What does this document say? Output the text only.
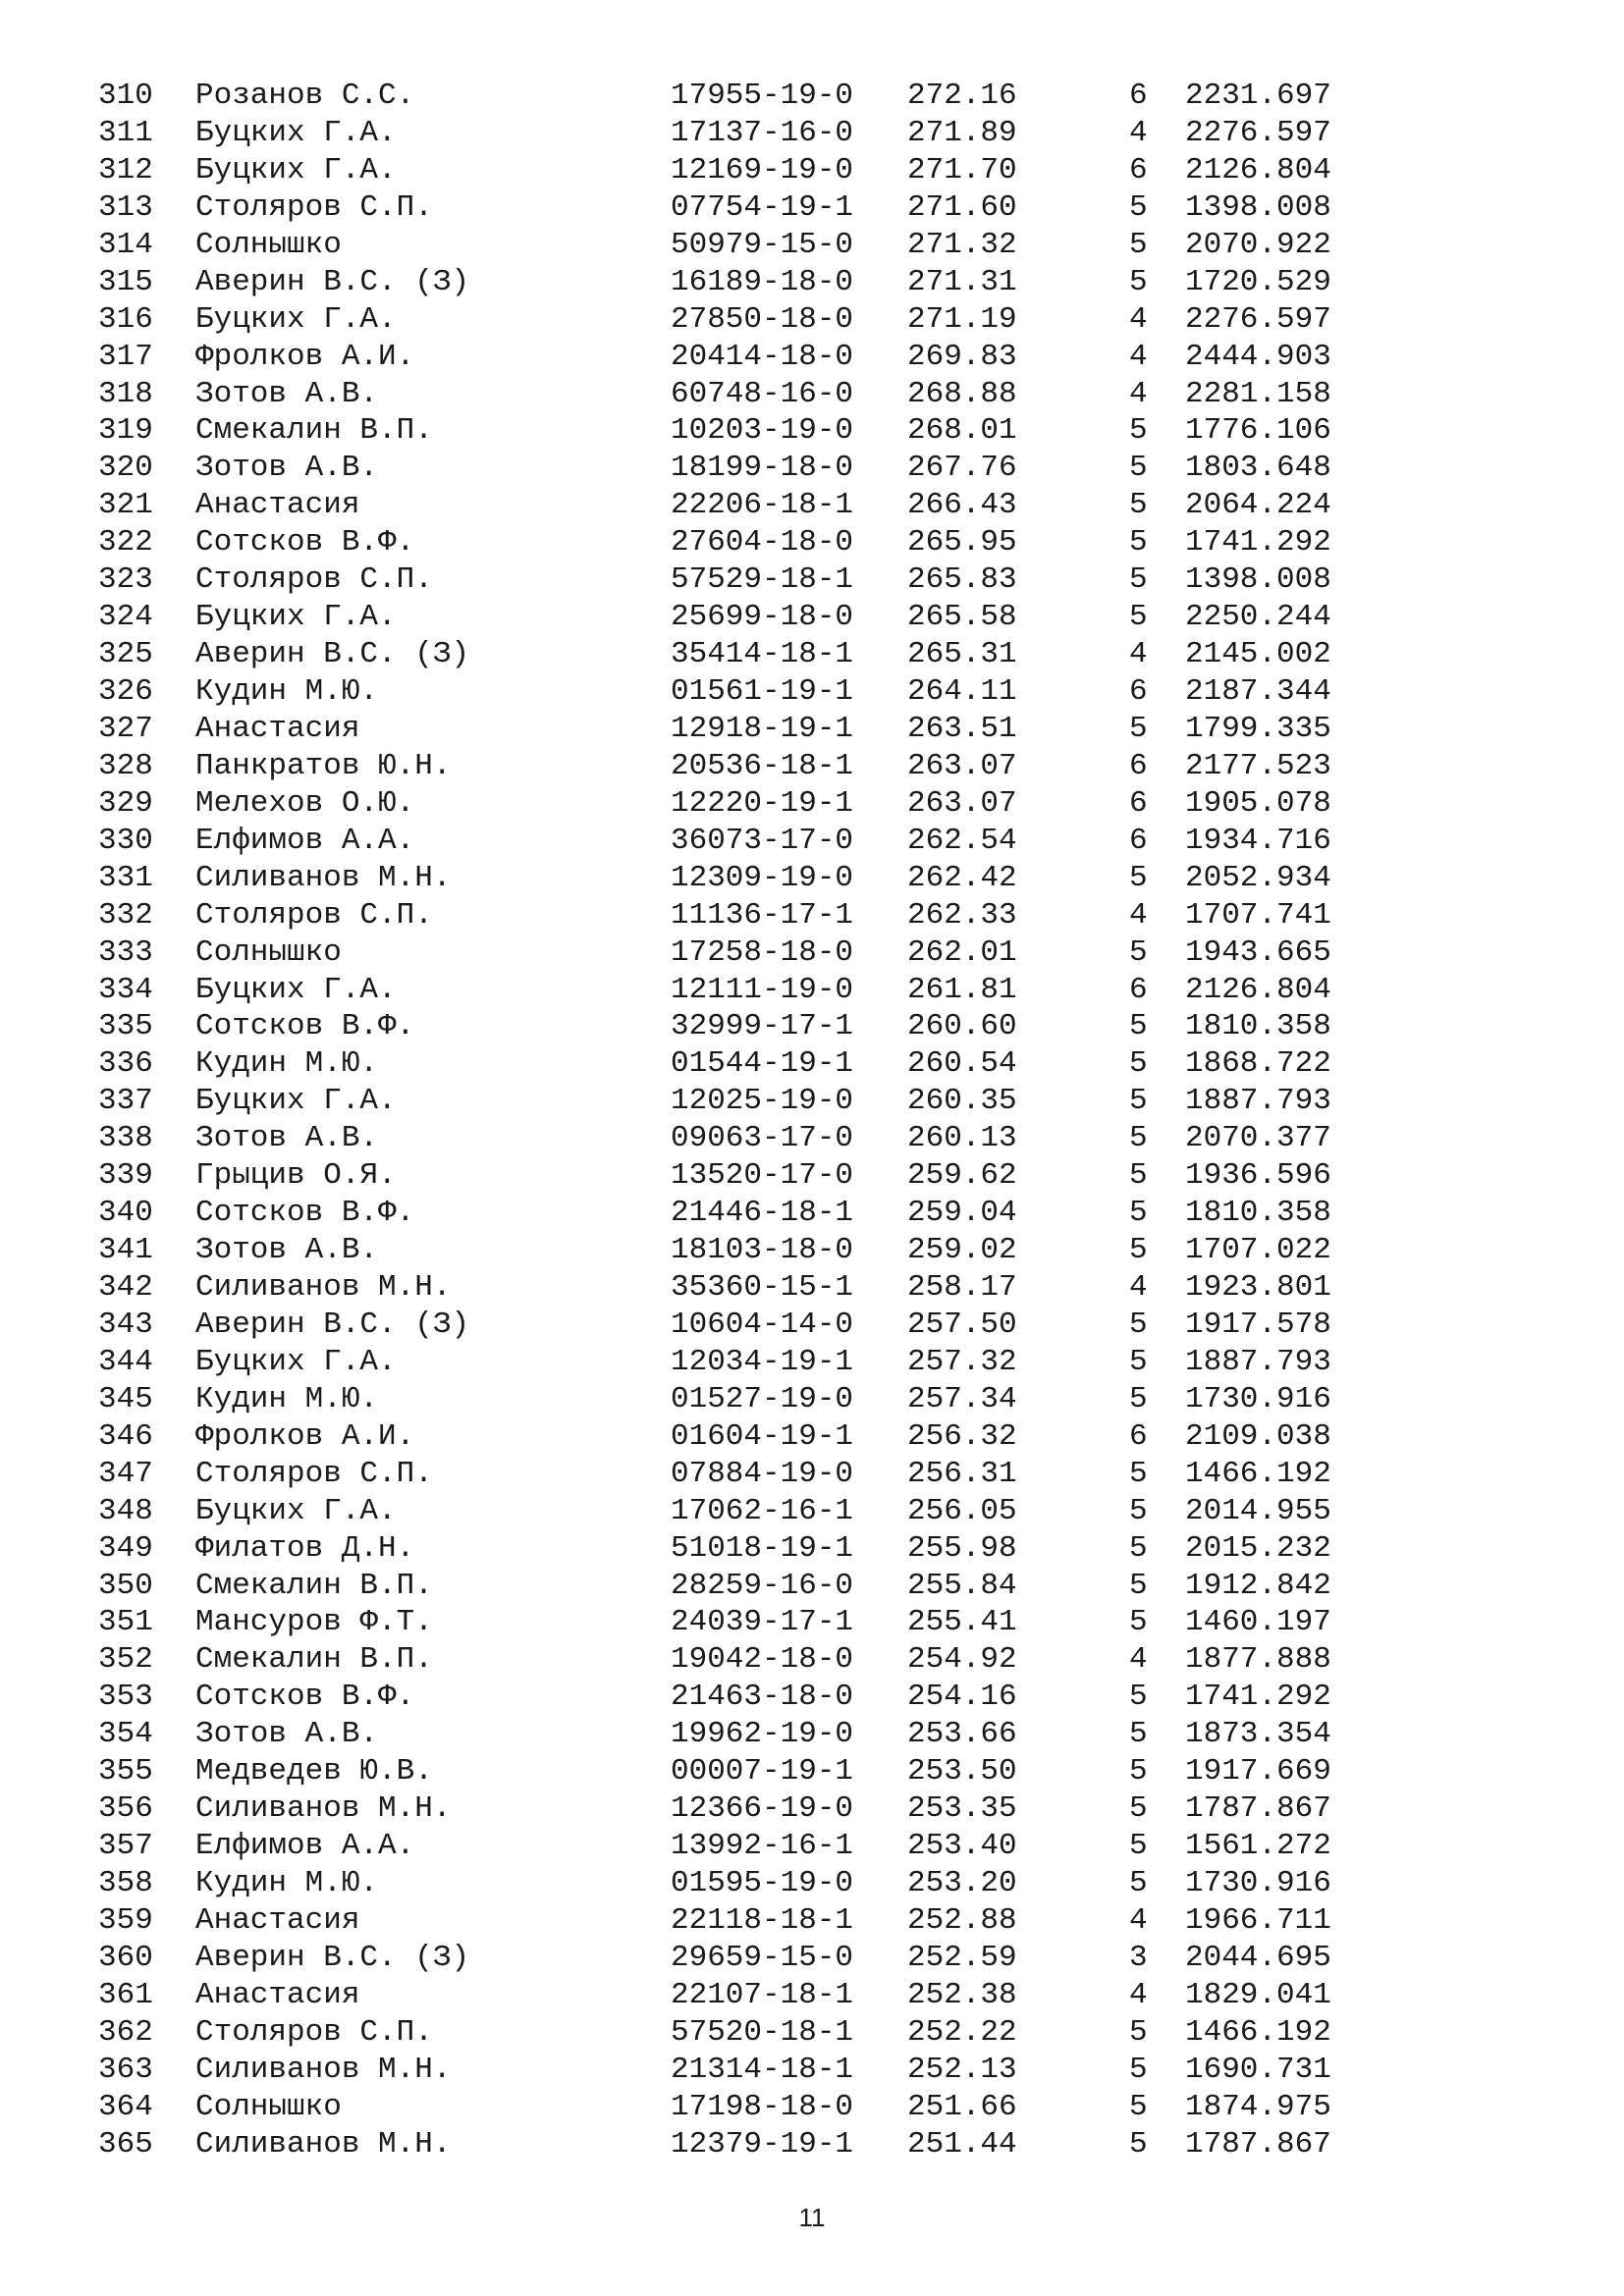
310 Розанов С.С.	17955-19-0 272.16	6 2231.697
311 Буцких Г.А.	17137-16-0 271.89	4 2276.597
312 Буцких Г.А.	12169-19-0 271.70	6 2126.804
313 Столяров С.П.	07754-19-1 271.60	5 1398.008
314 Солнышко	50979-15-0 271.32	5 2070.922
315 Аверин В.С. (З)	16189-18-0 271.31	5 1720.529
316 Буцких Г.А.	27850-18-0 271.19	4 2276.597
317 Фролков А.И.	20414-18-0 269.83	4 2444.903
318 Зотов А.В.	60748-16-0 268.88	4 2281.158
319 Смекалин В.П.	10203-19-0 268.01	5 1776.106
320 Зотов А.В.	18199-18-0 267.76	5 1803.648
321 Анастасия	22206-18-1 266.43	5 2064.224
322 Сотсков В.Ф.	27604-18-0 265.95	5 1741.292
323 Столяров С.П.	57529-18-1 265.83	5 1398.008
324 Буцких Г.А.	25699-18-0 265.58	5 2250.244
325 Аверин В.С. (З)	35414-18-1 265.31	4 2145.002
326 Кудин М.Ю.	01561-19-1 264.11	6 2187.344
327 Анастасия	12918-19-1 263.51	5 1799.335
328 Панкратов Ю.Н.	20536-18-1 263.07	6 2177.523
329 Мелехов О.Ю.	12220-19-1 263.07	6 1905.078
330 Елфимов А.А.	36073-17-0 262.54	6 1934.716
331 Силиванов М.Н.	12309-19-0 262.42	5 2052.934
332 Столяров С.П.	11136-17-1 262.33	4 1707.741
333 Солнышко	17258-18-0 262.01	5 1943.665
334 Буцких Г.А.	12111-19-0 261.81	6 2126.804
335 Сотсков В.Ф.	32999-17-1 260.60	5 1810.358
336 Кудин М.Ю.	01544-19-1 260.54	5 1868.722
337 Буцких Г.А.	12025-19-0 260.35	5 1887.793
338 Зотов А.В.	09063-17-0 260.13	5 2070.377
339 Грыцив О.Я.	13520-17-0 259.62	5 1936.596
340 Сотсков В.Ф.	21446-18-1 259.04	5 1810.358
341 Зотов А.В.	18103-18-0 259.02	5 1707.022
342 Силиванов М.Н.	35360-15-1 258.17	4 1923.801
343 Аверин В.С. (З)	10604-14-0 257.50	5 1917.578
344 Буцких Г.А.	12034-19-1 257.32	5 1887.793
345 Кудин М.Ю.	01527-19-0 257.34	5 1730.916
346 Фролков А.И.	01604-19-1 256.32	6 2109.038
347 Столяров С.П.	07884-19-0 256.31	5 1466.192
348 Буцких Г.А.	17062-16-1 256.05	5 2014.955
349 Филатов Д.Н.	51018-19-1 255.98	5 2015.232
350 Смекалин В.П.	28259-16-0 255.84	5 1912.842
351 Мансуров Ф.Т.	24039-17-1 255.41	5 1460.197
352 Смекалин В.П.	19042-18-0 254.92	4 1877.888
353 Сотсков В.Ф.	21463-18-0 254.16	5 1741.292
354 Зотов А.В.	19962-19-0 253.66	5 1873.354
355 Медведев Ю.В.	00007-19-1 253.50	5 1917.669
356 Силиванов М.Н.	12366-19-0 253.35	5 1787.867
357 Елфимов А.А.	13992-16-1 253.40	5 1561.272
358 Кудин М.Ю.	01595-19-0 253.20	5 1730.916
359 Анастасия	22118-18-1 252.88	4 1966.711
360 Аверин В.С. (З)	29659-15-0 252.59	3 2044.695
361 Анастасия	22107-18-1 252.38	4 1829.041
362 Столяров С.П.	57520-18-1 252.22	5 1466.192
363 Силиванов М.Н.	21314-18-1 252.13	5 1690.731
364 Солнышко	17198-18-0 251.66	5 1874.975
365 Силиванов М.Н.	12379-19-1 251.44	5 1787.867
11
